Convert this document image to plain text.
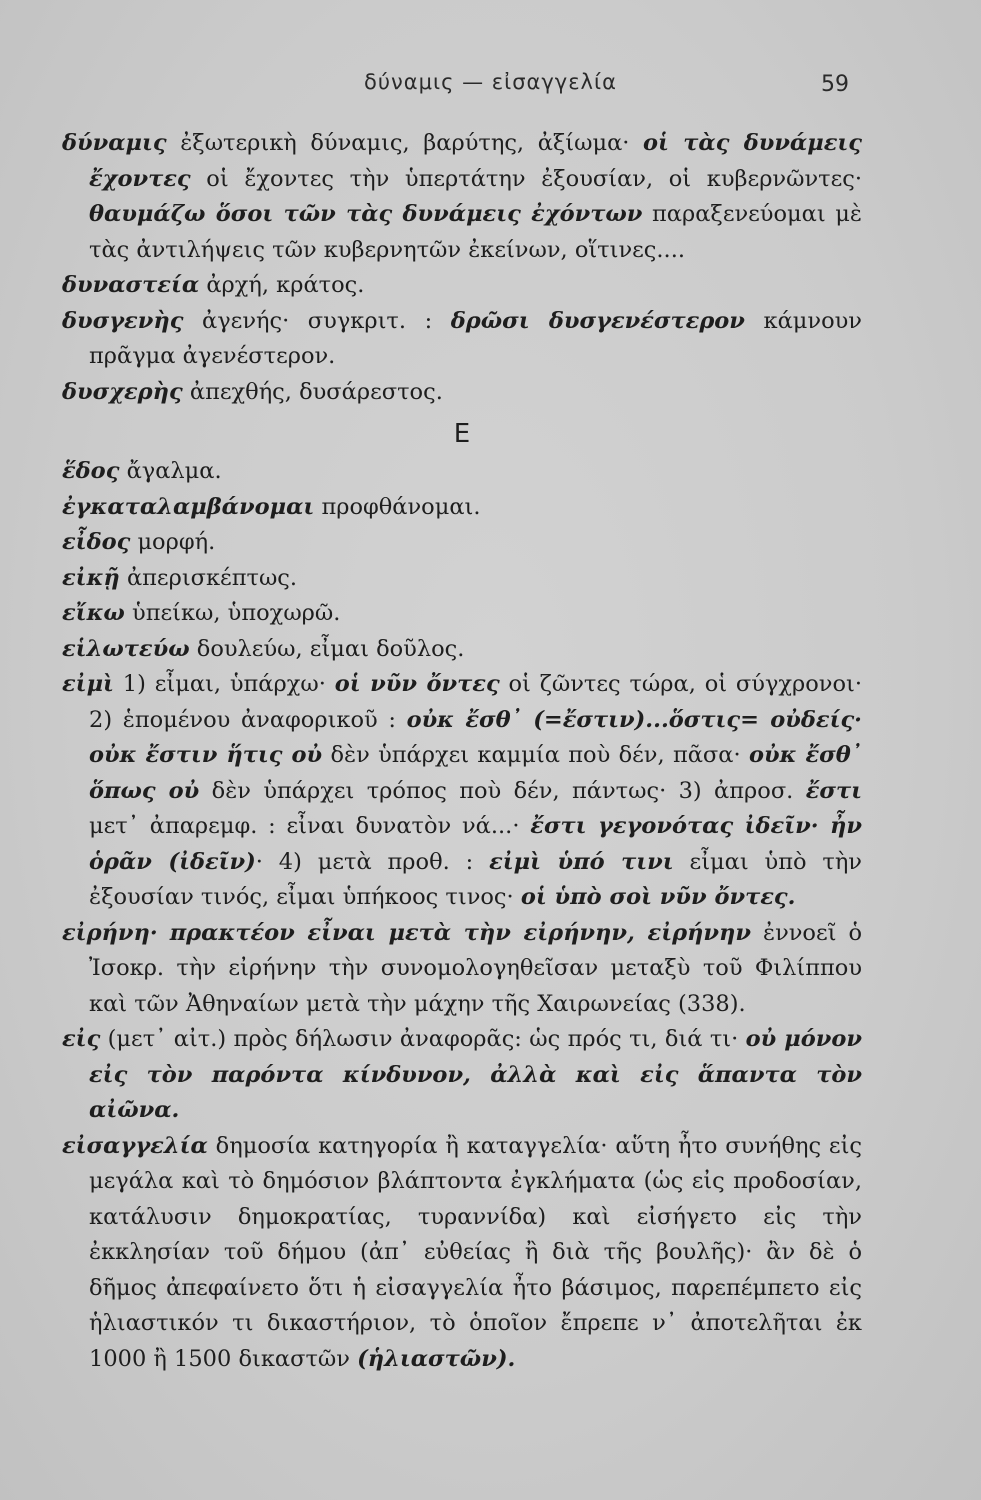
δύναμις — εἰσαγγελία	59

δύναμις ἐξωτερικὴ δύναμις, βαρύτης, ἀξίωμα· οἱ τὰς δυνάμεις ἔχοντες οἱ ἔχοντες τὴν ὑπερτάτην ἐξουσίαν, οἱ κυβερνῶντες· θαυμάζω ὅσοι τῶν τὰς δυνάμεις ἐχόντων παραξενεύομαι μὲ τὰς ἀντιλήψεις τῶν κυβερνητῶν ἐκείνων, οἵτινες....

δυναστεία ἀρχή, κράτος.

δυσγενὴς ἀγενής· συγκριτ. : δρῶσι δυσγενέστερον κάμνουν πρᾶγμα ἀγενέστερον.

δυσχερὴς ἀπεχθής, δυσάρεστος.

Ε

ἕδος ἄγαλμα.

ἐγκαταλαμβάνομαι προφθάνομαι.

εἶδος μορφή.

εἰκῇ ἀπερισκέπτως.

εἴκω ὑπείκω, ὑποχωρῶ.

εἱλωτεύω δουλεύω, εἶμαι δοῦλος.

εἰμὶ 1) εἶμαι, ὑπάρχω· οἱ νῦν ὄντες οἱ ζῶντες τώρα, οἱ σύγχρονοι· 2) ἑπομένου ἀναφορικοῦ : οὐκ ἔσθ᾽ (=ἔστιν)...ὅστις= οὐδείς· οὐκ ἔστιν ἥτις οὐ δὲν ὑπάρχει καμμία ποὺ δέν, πᾶσα· οὐκ ἔσθ᾽ ὅπως οὐ δὲν ὑπάρχει τρόπος ποὺ δέν, πάντως· 3) ἀπροσ. ἔστι μετ᾽ ἀπαρεμφ. : εἶναι δυνατὸν νά...· ἔστι γεγονότας ἰδεῖν· ἦν ὁρᾶν (ἰδεῖν)· 4) μετὰ προθ. : εἰμὶ ὑπό τινι εἶμαι ὑπὸ τὴν ἐξουσίαν τινός, εἶμαι ὑπήκοος τινος· οἱ ὑπὸ σοὶ νῦν ὄντες.

εἰρήνη· πρακτέον εἶναι μετὰ τὴν εἰρήνην, εἰρήνην ἐννοεῖ ὁ Ἰσοκρ. τὴν εἰρήνην τὴν συνομολογηθεῖσαν μεταξὺ τοῦ Φιλίππου καὶ τῶν Ἀθηναίων μετὰ τὴν μάχην τῆς Χαιρωνείας (338).

εἰς (μετ᾽ αἰτ.) πρὸς δήλωσιν ἀναφορᾶς: ὡς πρός τι, διά τι· οὐ μόνον εἰς τὸν παρόντα κίνδυνον, ἀλλὰ καὶ εἰς ἅπαντα τὸν αἰῶνα.

εἰσαγγελία δημοσία κατηγορία ἢ καταγγελία· αὕτη ἦτο συνήθης εἰς μεγάλα καὶ τὸ δημόσιον βλάπτοντα ἐγκλήματα (ὡς εἰς προδοσίαν, κατάλυσιν δημοκρατίας, τυραννίδα) καὶ εἰσήγετο εἰς τὴν ἐκκλησίαν τοῦ δήμου (ἀπ᾽ εὐθείας ἢ διὰ τῆς βουλῆς)· ἂν δὲ ὁ δῆμος ἀπεφαίνετο ὅτι ἡ εἰσαγγελία ἦτο βάσιμος, παρεπέμπετο εἰς ἡλιαστικόν τι δικαστήριον, τὸ ὁποῖον ἔπρεπε ν᾽ ἀποτελῆται ἐκ 1000 ἢ 1500 δικαστῶν (ἡλιαστῶν).
